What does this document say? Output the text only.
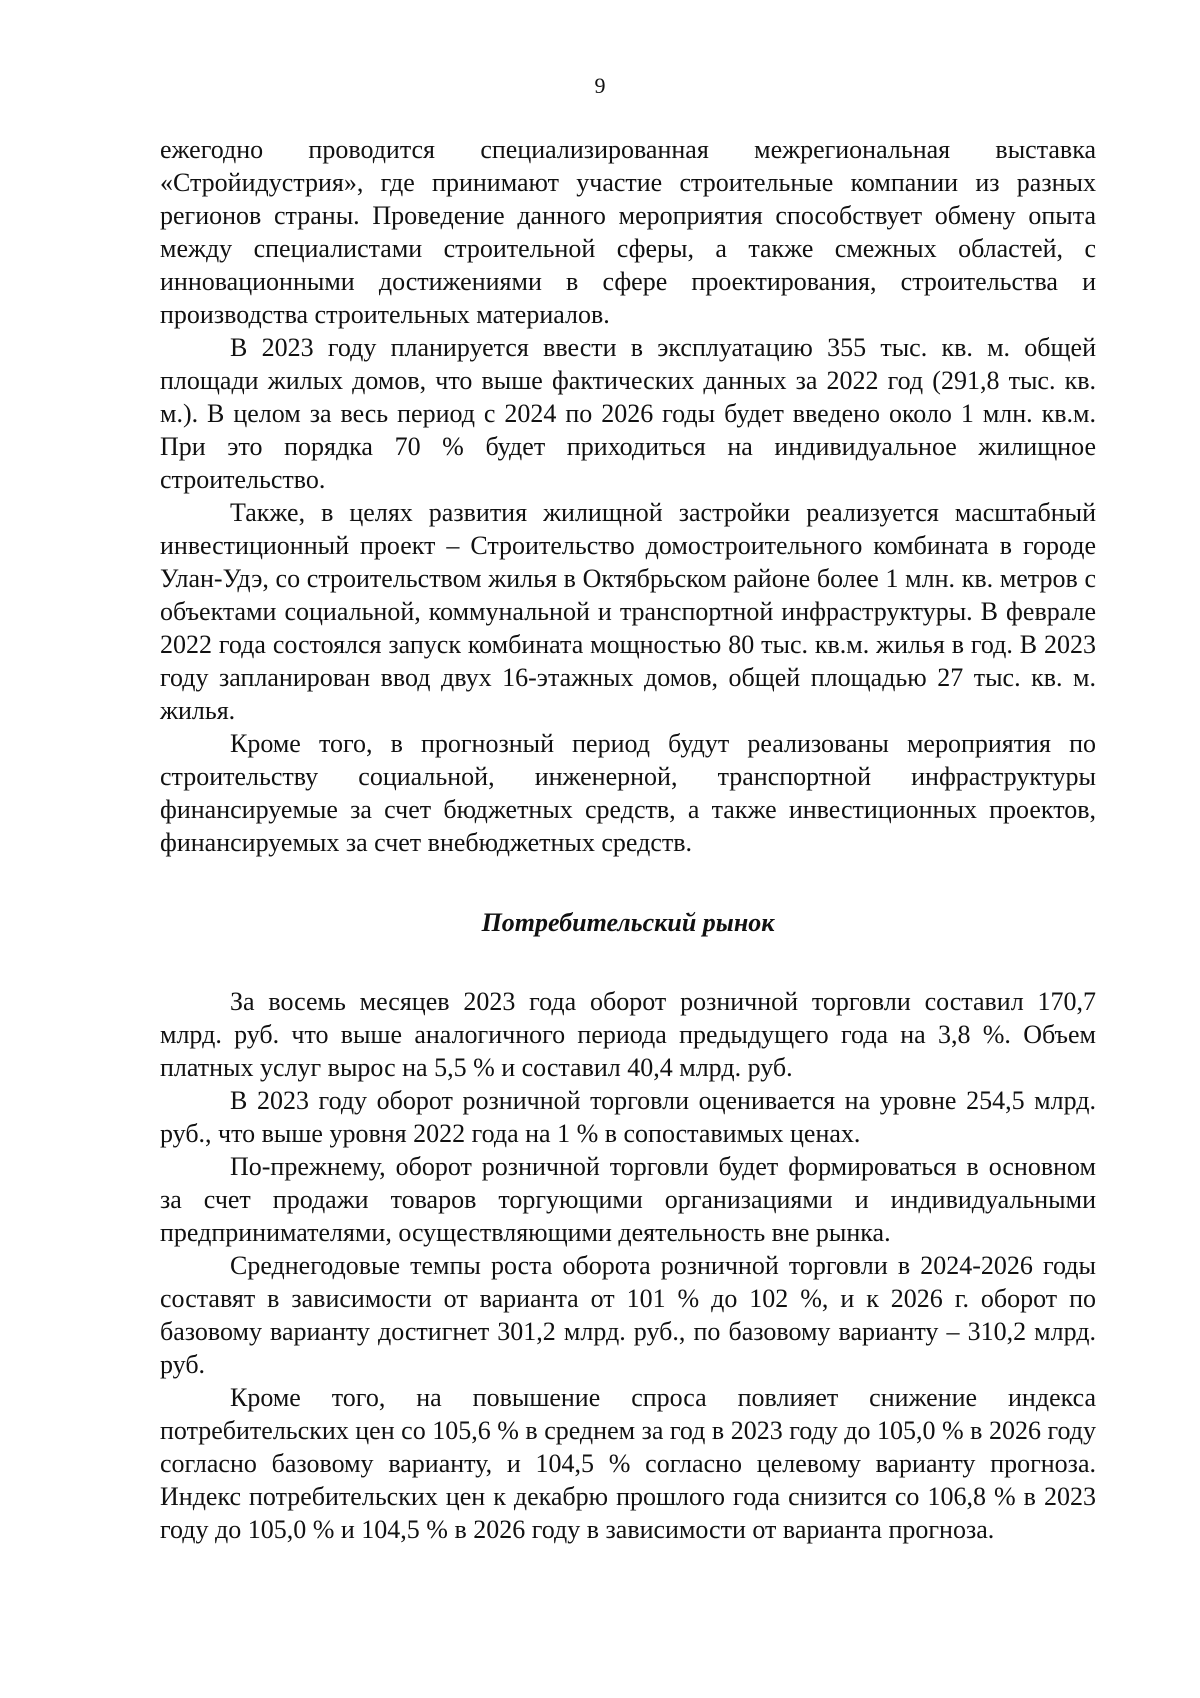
9

ежегодно проводится специализированная межрегиональная выставка «Стройидустрия», где принимают участие строительные компании из разных регионов страны. Проведение данного мероприятия способствует обмену опыта между специалистами строительной сферы, а также смежных областей, с инновационными достижениями в сфере проектирования, строительства и производства строительных материалов.

В 2023 году планируется ввести в эксплуатацию 355 тыс. кв. м. общей площади жилых домов, что выше фактических данных за 2022 год (291,8 тыс. кв. м.). В целом за весь период с 2024 по 2026 годы будет введено около 1 млн. кв.м. При это порядка 70 % будет приходиться на индивидуальное жилищное строительство.

Также, в целях развития жилищной застройки реализуется масштабный инвестиционный проект – Строительство домостроительного комбината в городе Улан-Удэ, со строительством жилья в Октябрьском районе более 1 млн. кв. метров с объектами социальной, коммунальной и транспортной инфраструктуры. В феврале 2022 года состоялся запуск комбината мощностью 80 тыс. кв.м. жилья в год. В 2023 году запланирован ввод двух 16-этажных домов, общей площадью 27 тыс. кв. м. жилья.

Кроме того, в прогнозный период будут реализованы мероприятия по строительству социальной, инженерной, транспортной инфраструктуры финансируемые за счет бюджетных средств, а также инвестиционных проектов, финансируемых за счет внебюджетных средств.

Потребительский рынок

За восемь месяцев 2023 года оборот розничной торговли составил 170,7 млрд. руб. что выше аналогичного периода предыдущего года на 3,8 %. Объем платных услуг вырос на 5,5 % и составил 40,4 млрд. руб.

В 2023 году оборот розничной торговли оценивается на уровне 254,5 млрд. руб., что выше уровня 2022 года на 1 % в сопоставимых ценах.

По-прежнему, оборот розничной торговли будет формироваться в основном за счет продажи товаров торгующими организациями и индивидуальными предпринимателями, осуществляющими деятельность вне рынка.

Среднегодовые темпы роста оборота розничной торговли в 2024-2026 годы составят в зависимости от варианта от 101 % до 102 %, и к 2026 г. оборот по базовому варианту достигнет 301,2 млрд. руб., по базовому варианту – 310,2 млрд. руб.

Кроме того, на повышение спроса повлияет снижение индекса потребительских цен со 105,6 % в среднем за год в 2023 году до 105,0 % в 2026 году согласно базовому варианту, и 104,5 % согласно целевому варианту прогноза. Индекс потребительских цен к декабрю прошлого года снизится со 106,8 % в 2023 году до 105,0 % и 104,5 % в 2026 году в зависимости от варианта прогноза.
